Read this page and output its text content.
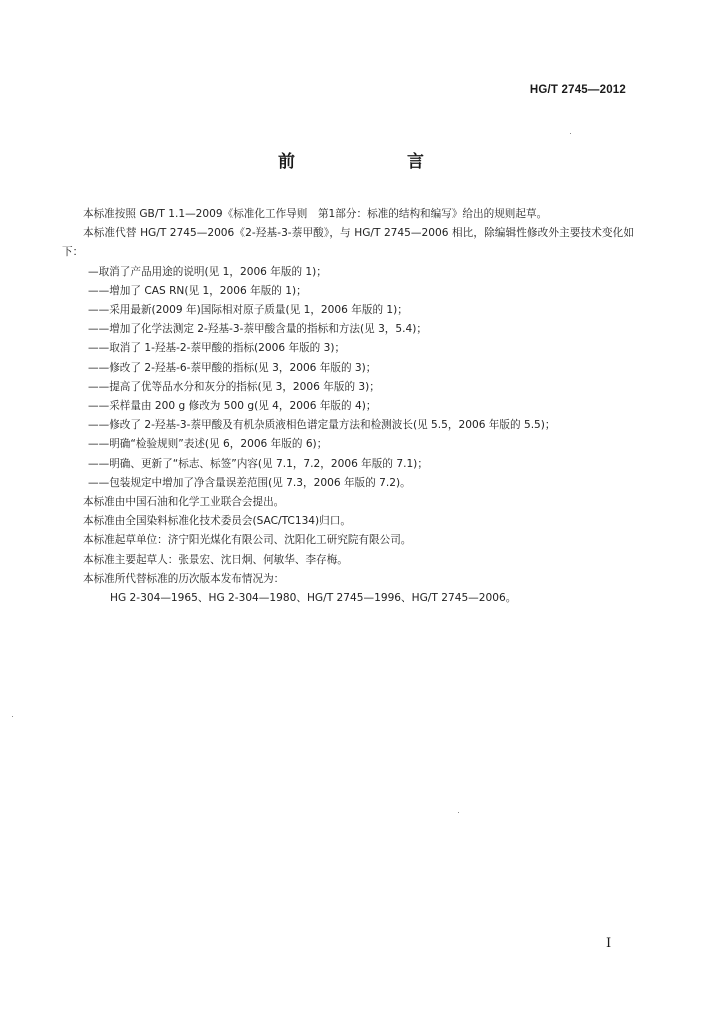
HG/T 2745—2012
前　　言

本标准按照 GB/T 1.1—2009《标准化工作导则　第1部分：标准的结构和编写》给出的规则起草。

本标准代替 HG/T 2745—2006《2-羟基-3-萘甲酸》，与 HG/T 2745—2006 相比，除编辑性修改外主要技术变化如下：

—取消了产品用途的说明(见 1，2006 年版的 1)；

——增加了 CAS RN(见 1，2006 年版的 1)；

——采用最新(2009 年)国际相对原子质量(见 1，2006 年版的 1)；

——增加了化学法测定 2-羟基-3-萘甲酸含量的指标和方法(见 3，5.4)；

——取消了 1-羟基-2-萘甲酸的指标(2006 年版的 3)；

——修改了 2-羟基-6-萘甲酸的指标(见 3，2006 年版的 3)；

——提高了优等品水分和灰分的指标(见 3，2006 年版的 3)；

——采样量由 200 g 修改为 500 g(见 4，2006 年版的 4)；

——修改了 2-羟基-3-萘甲酸及有机杂质液相色谱定量方法和检测波长(见 5.5，2006 年版的 5.5)；

——明确“检验规则”表述(见 6，2006 年版的 6)；

——明确、更新了“标志、标签”内容(见 7.1，7.2，2006 年版的 7.1)；

——包装规定中增加了净含量误差范围(见 7.3，2006 年版的 7.2)。

本标准由中国石油和化学工业联合会提出。

本标准由全国染料标准化技术委员会(SAC/TC134)归口。

本标准起草单位：济宁阳光煤化有限公司、沈阳化工研究院有限公司。

本标准主要起草人：张景宏、沈日炯、何敏华、李存梅。

本标准所代替标准的历次版本发布情况为：

HG 2-304—1965、HG 2-304—1980、HG/T 2745—1996、HG/T 2745—2006。

I
